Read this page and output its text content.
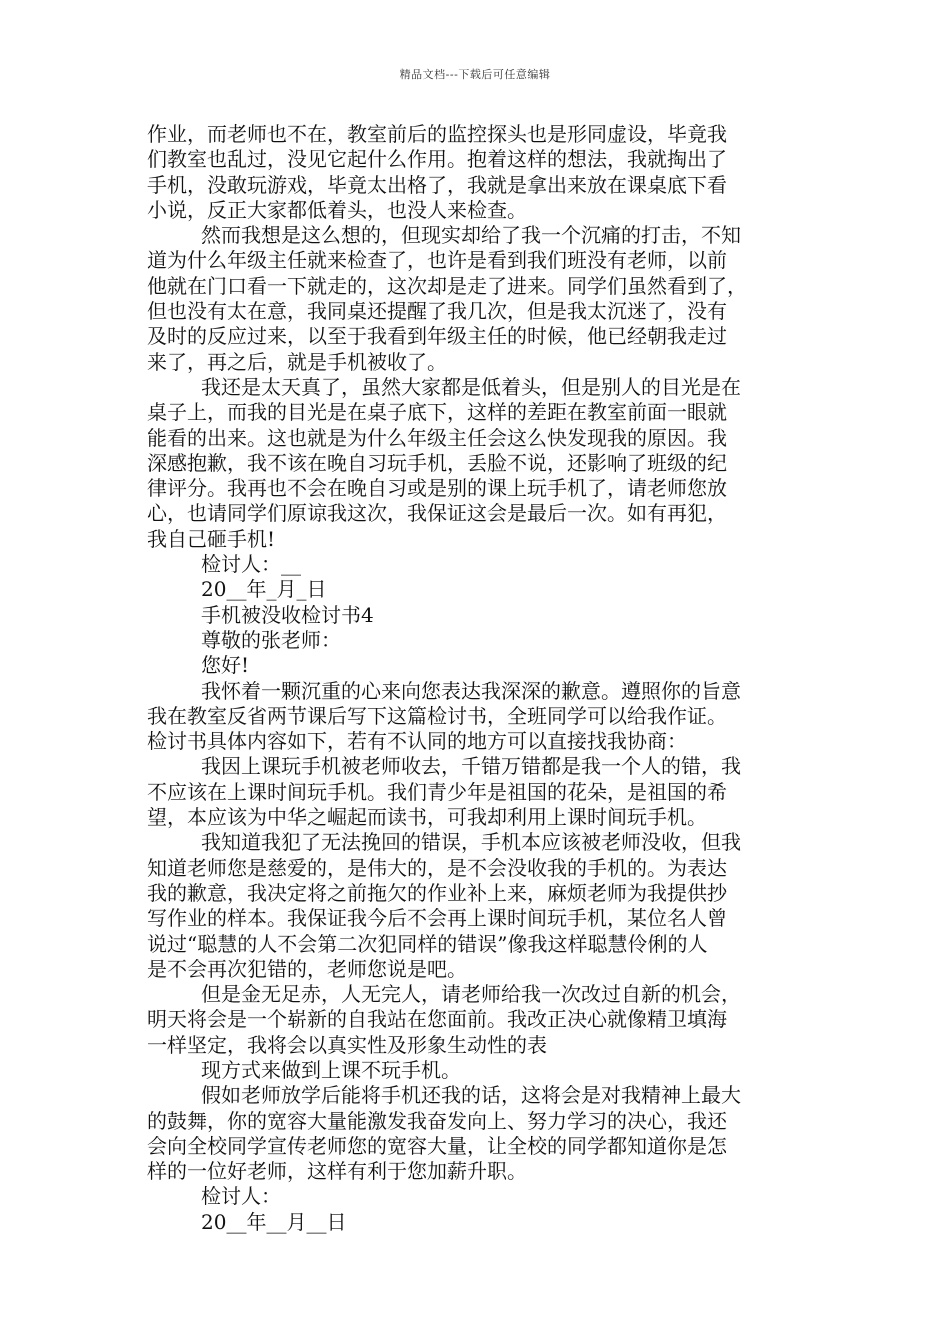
精品文档---下载后可任意编辑
作业，而老师也不在，教室前后的监控探头也是形同虚设，毕竟我
们教室也乱过，没见它起什么作用。抱着这样的想法，我就掏出了
手机，没敢玩游戏，毕竟太出格了，我就是拿出来放在课桌底下看
小说，反正大家都低着头，也没人来检查。
然而我想是这么想的，但现实却给了我一个沉痛的打击，不知
道为什么年级主任就来检查了，也许是看到我们班没有老师，以前
他就在门口看一下就走的，这次却是走了进来。同学们虽然看到了，
但也没有太在意，我同桌还提醒了我几次，但是我太沉迷了，没有
及时的反应过来，以至于我看到年级主任的时候，他已经朝我走过
来了，再之后，就是手机被收了。
我还是太天真了，虽然大家都是低着头，但是别人的目光是在
桌子上，而我的目光是在桌子底下，这样的差距在教室前面一眼就
能看的出来。这也就是为什么年级主任会这么快发现我的原因。我
深感抱歉，我不该在晚自习玩手机，丢脸不说，还影响了班级的纪
律评分。我再也不会在晚自习或是别的课上玩手机了，请老师您放
心，也请同学们原谅我这次，我保证这会是最后一次。如有再犯，
我自己砸手机!
检讨人：__
20__年_月_日
手机被没收检讨书4
尊敬的张老师：
您好!
我怀着一颗沉重的心来向您表达我深深的歉意。遵照你的旨意
我在教室反省两节课后写下这篇检讨书，全班同学可以给我作证。
检讨书具体内容如下，若有不认同的地方可以直接找我协商：
我因上课玩手机被老师收去，千错万错都是我一个人的错，我
不应该在上课时间玩手机。我们青少年是祖国的花朵，是祖国的希
望，本应该为中华之崛起而读书，可我却利用上课时间玩手机。
我知道我犯了无法挽回的错误，手机本应该被老师没收，但我
知道老师您是慈爱的，是伟大的，是不会没收我的手机的。为表达
我的歉意，我决定将之前拖欠的作业补上来，麻烦老师为我提供抄
写作业的样本。我保证我今后不会再上课时间玩手机，某位名人曾
说过“聪慧的人不会第二次犯同样的错误”像我这样聪慧伶俐的人
是不会再次犯错的，老师您说是吧。
但是金无足赤，人无完人，请老师给我一次改过自新的机会，
明天将会是一个崭新的自我站在您面前。我改正决心就像精卫填海
一样坚定，我将会以真实性及形象生动性的表
现方式来做到上课不玩手机。
假如老师放学后能将手机还我的话，这将会是对我精神上最大
的鼓舞，你的宽容大量能激发我奋发向上、努力学习的决心，我还
会向全校同学宣传老师您的宽容大量，让全校的同学都知道你是怎
样的一位好老师，这样有利于您加薪升职。
检讨人：
20__年__月__日
